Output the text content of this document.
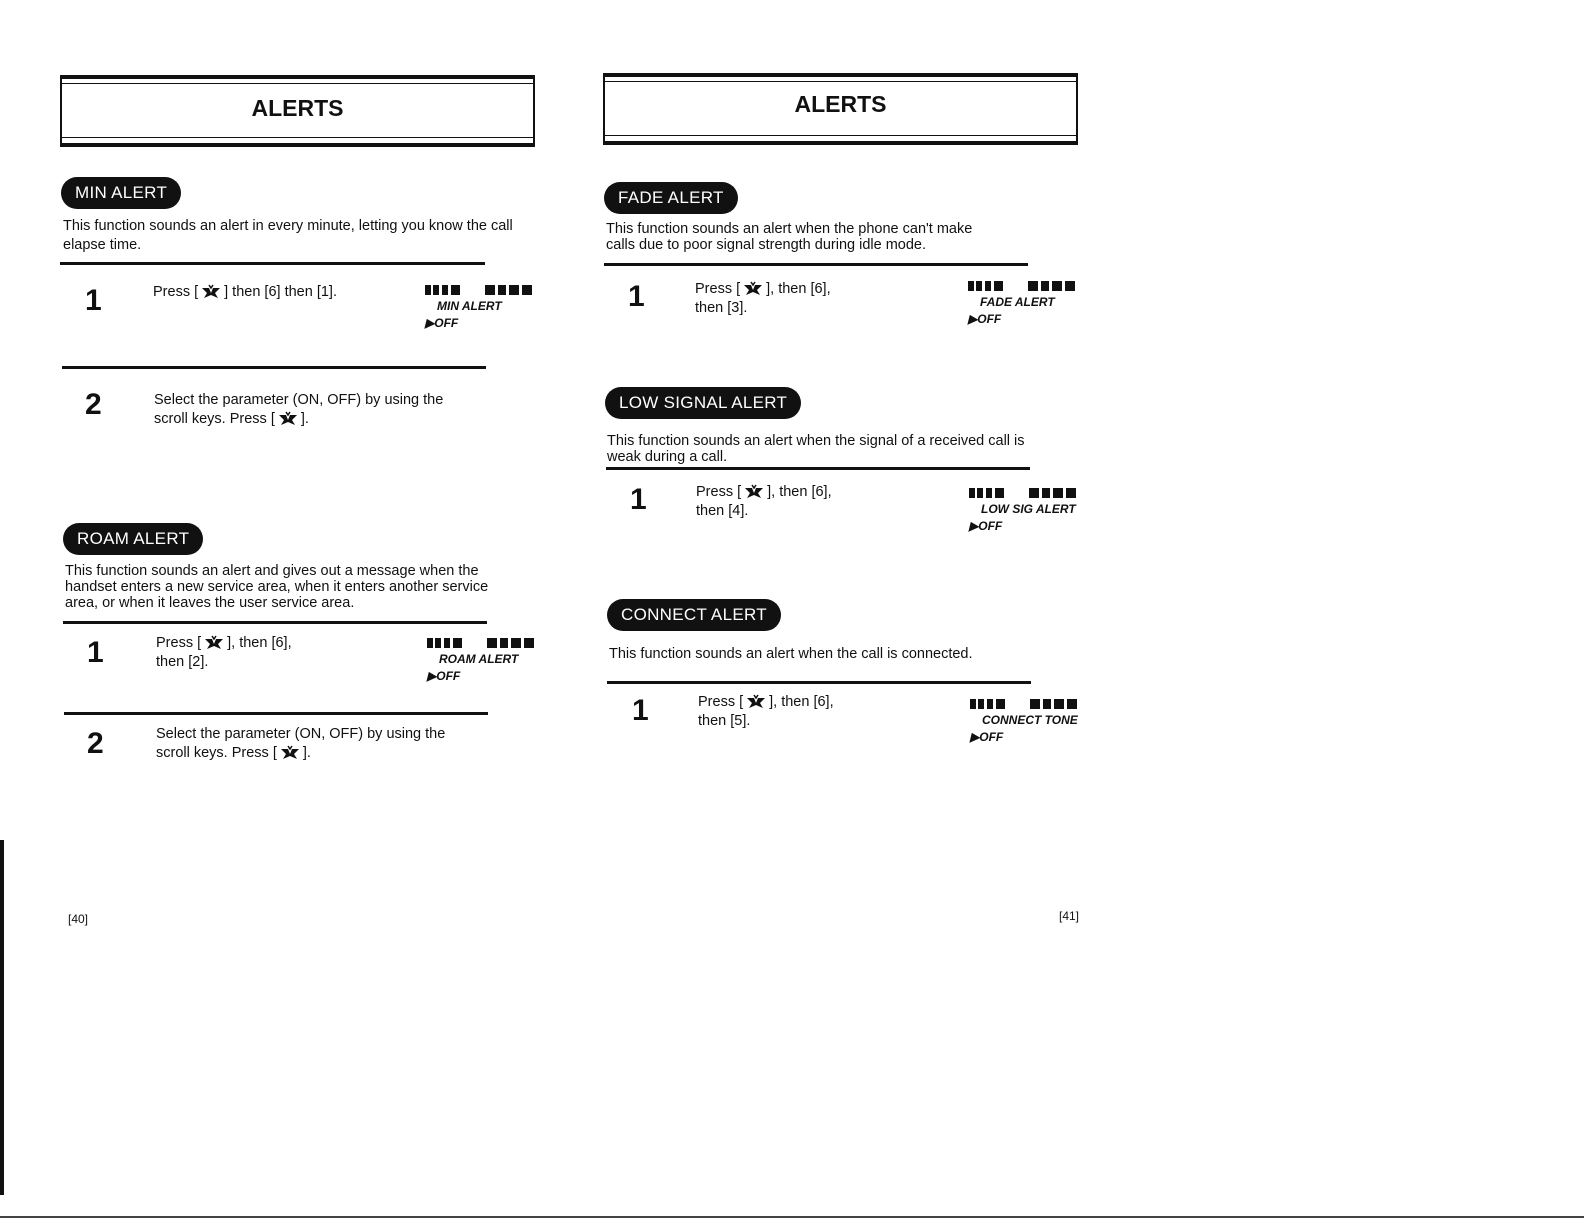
ALERTS
MIN ALERT
This function sounds an alert in every minute, letting you know the call
elapse time.
1	Press [ ] then [6] then [1].
MIN ALERT
▶OFF
2	Select the parameter (ON, OFF) by using the
scroll keys. Press [ ].
ROAM ALERT
This function sounds an alert and gives out a message when the
handset enters a new service area, when it enters another service
area, or when it leaves the user service area.
1	Press [ ], then [6],
then [2].	ROAM ALERT
▶OFF
2	Select the parameter (ON, OFF) by using the
scroll keys. Press [ ].
[40]
ALERTS
FADE ALERT
This function sounds an alert when the phone can't make
calls due to poor signal strength during idle mode.
1	Press [ ], then [6],
then [3].	FADE ALERT
▶OFF
LOW SIGNAL ALERT
This function sounds an alert when the signal of a received call is
weak during a call.
1	Press [ ], then [6],
then [4].	LOW SIG ALERT
▶OFF
CONNECT ALERT
This function sounds an alert when the call is connected.
1	Press [ ], then [6],
then [5].	CONNECT TONE
▶OFF
[41]
